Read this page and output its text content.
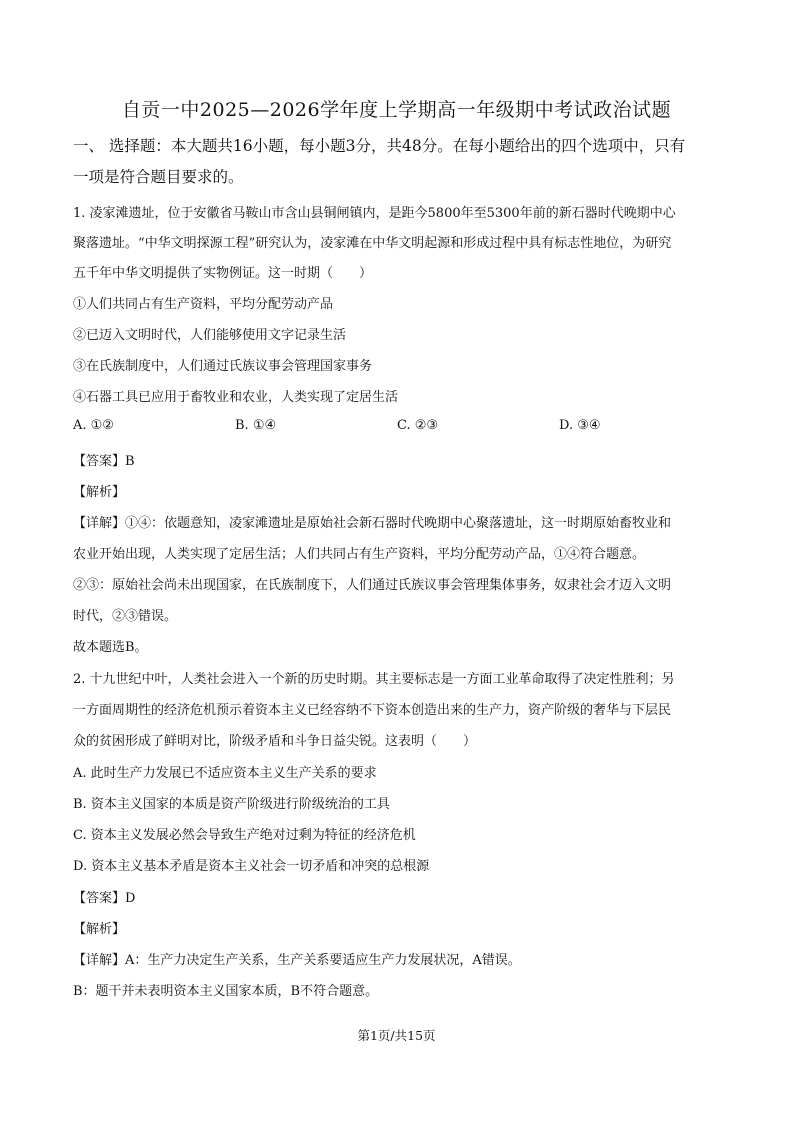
自贡一中2025—2026学年度上学期高一年级期中考试政治试题
一、 选择题：本大题共16小题，每小题3分，共48分。在每小题给出的四个选项中，只有
一项是符合题目要求的。
1. 凌家滩遗址，位于安徽省马鞍山市含山县铜闸镇内，是距今5800年至5300年前的新石器时代晚期中心
聚落遗址。“中华文明探源工程”研究认为，凌家滩在中华文明起源和形成过程中具有标志性地位，为研究
五千年中华文明提供了实物例证。这一时期（　　）
①人们共同占有生产资料，平均分配劳动产品
②已迈入文明时代，人们能够使用文字记录生活
③在氏族制度中，人们通过氏族议事会管理国家事务
④石器工具已应用于畜牧业和农业，人类实现了定居生活
A. ①②	B. ①④	C. ②③	D. ③④
【答案】B
【解析】
【详解】①④：依题意知，凌家滩遗址是原始社会新石器时代晚期中心聚落遗址，这一时期原始畜牧业和
农业开始出现，人类实现了定居生活；人们共同占有生产资料，平均分配劳动产品，①④符合题意。
②③：原始社会尚未出现国家，在氏族制度下，人们通过氏族议事会管理集体事务，奴隶社会才迈入文明
时代，②③错误。
故本题选B。
2. 十九世纪中叶，人类社会进入一个新的历史时期。其主要标志是一方面工业革命取得了决定性胜利；另
一方面周期性的经济危机预示着资本主义已经容纳不下资本创造出来的生产力，资产阶级的奢华与下层民
众的贫困形成了鲜明对比，阶级矛盾和斗争日益尖锐。这表明（　　）
A. 此时生产力发展已不适应资本主义生产关系的要求
B. 资本主义国家的本质是资产阶级进行阶级统治的工具
C. 资本主义发展必然会导致生产绝对过剩为特征的经济危机
D. 资本主义基本矛盾是资本主义社会一切矛盾和冲突的总根源
【答案】D
【解析】
【详解】A：生产力决定生产关系，生产关系要适应生产力发展状况，A错误。
B：题干并未表明资本主义国家本质，B不符合题意。
第1页/共15页
